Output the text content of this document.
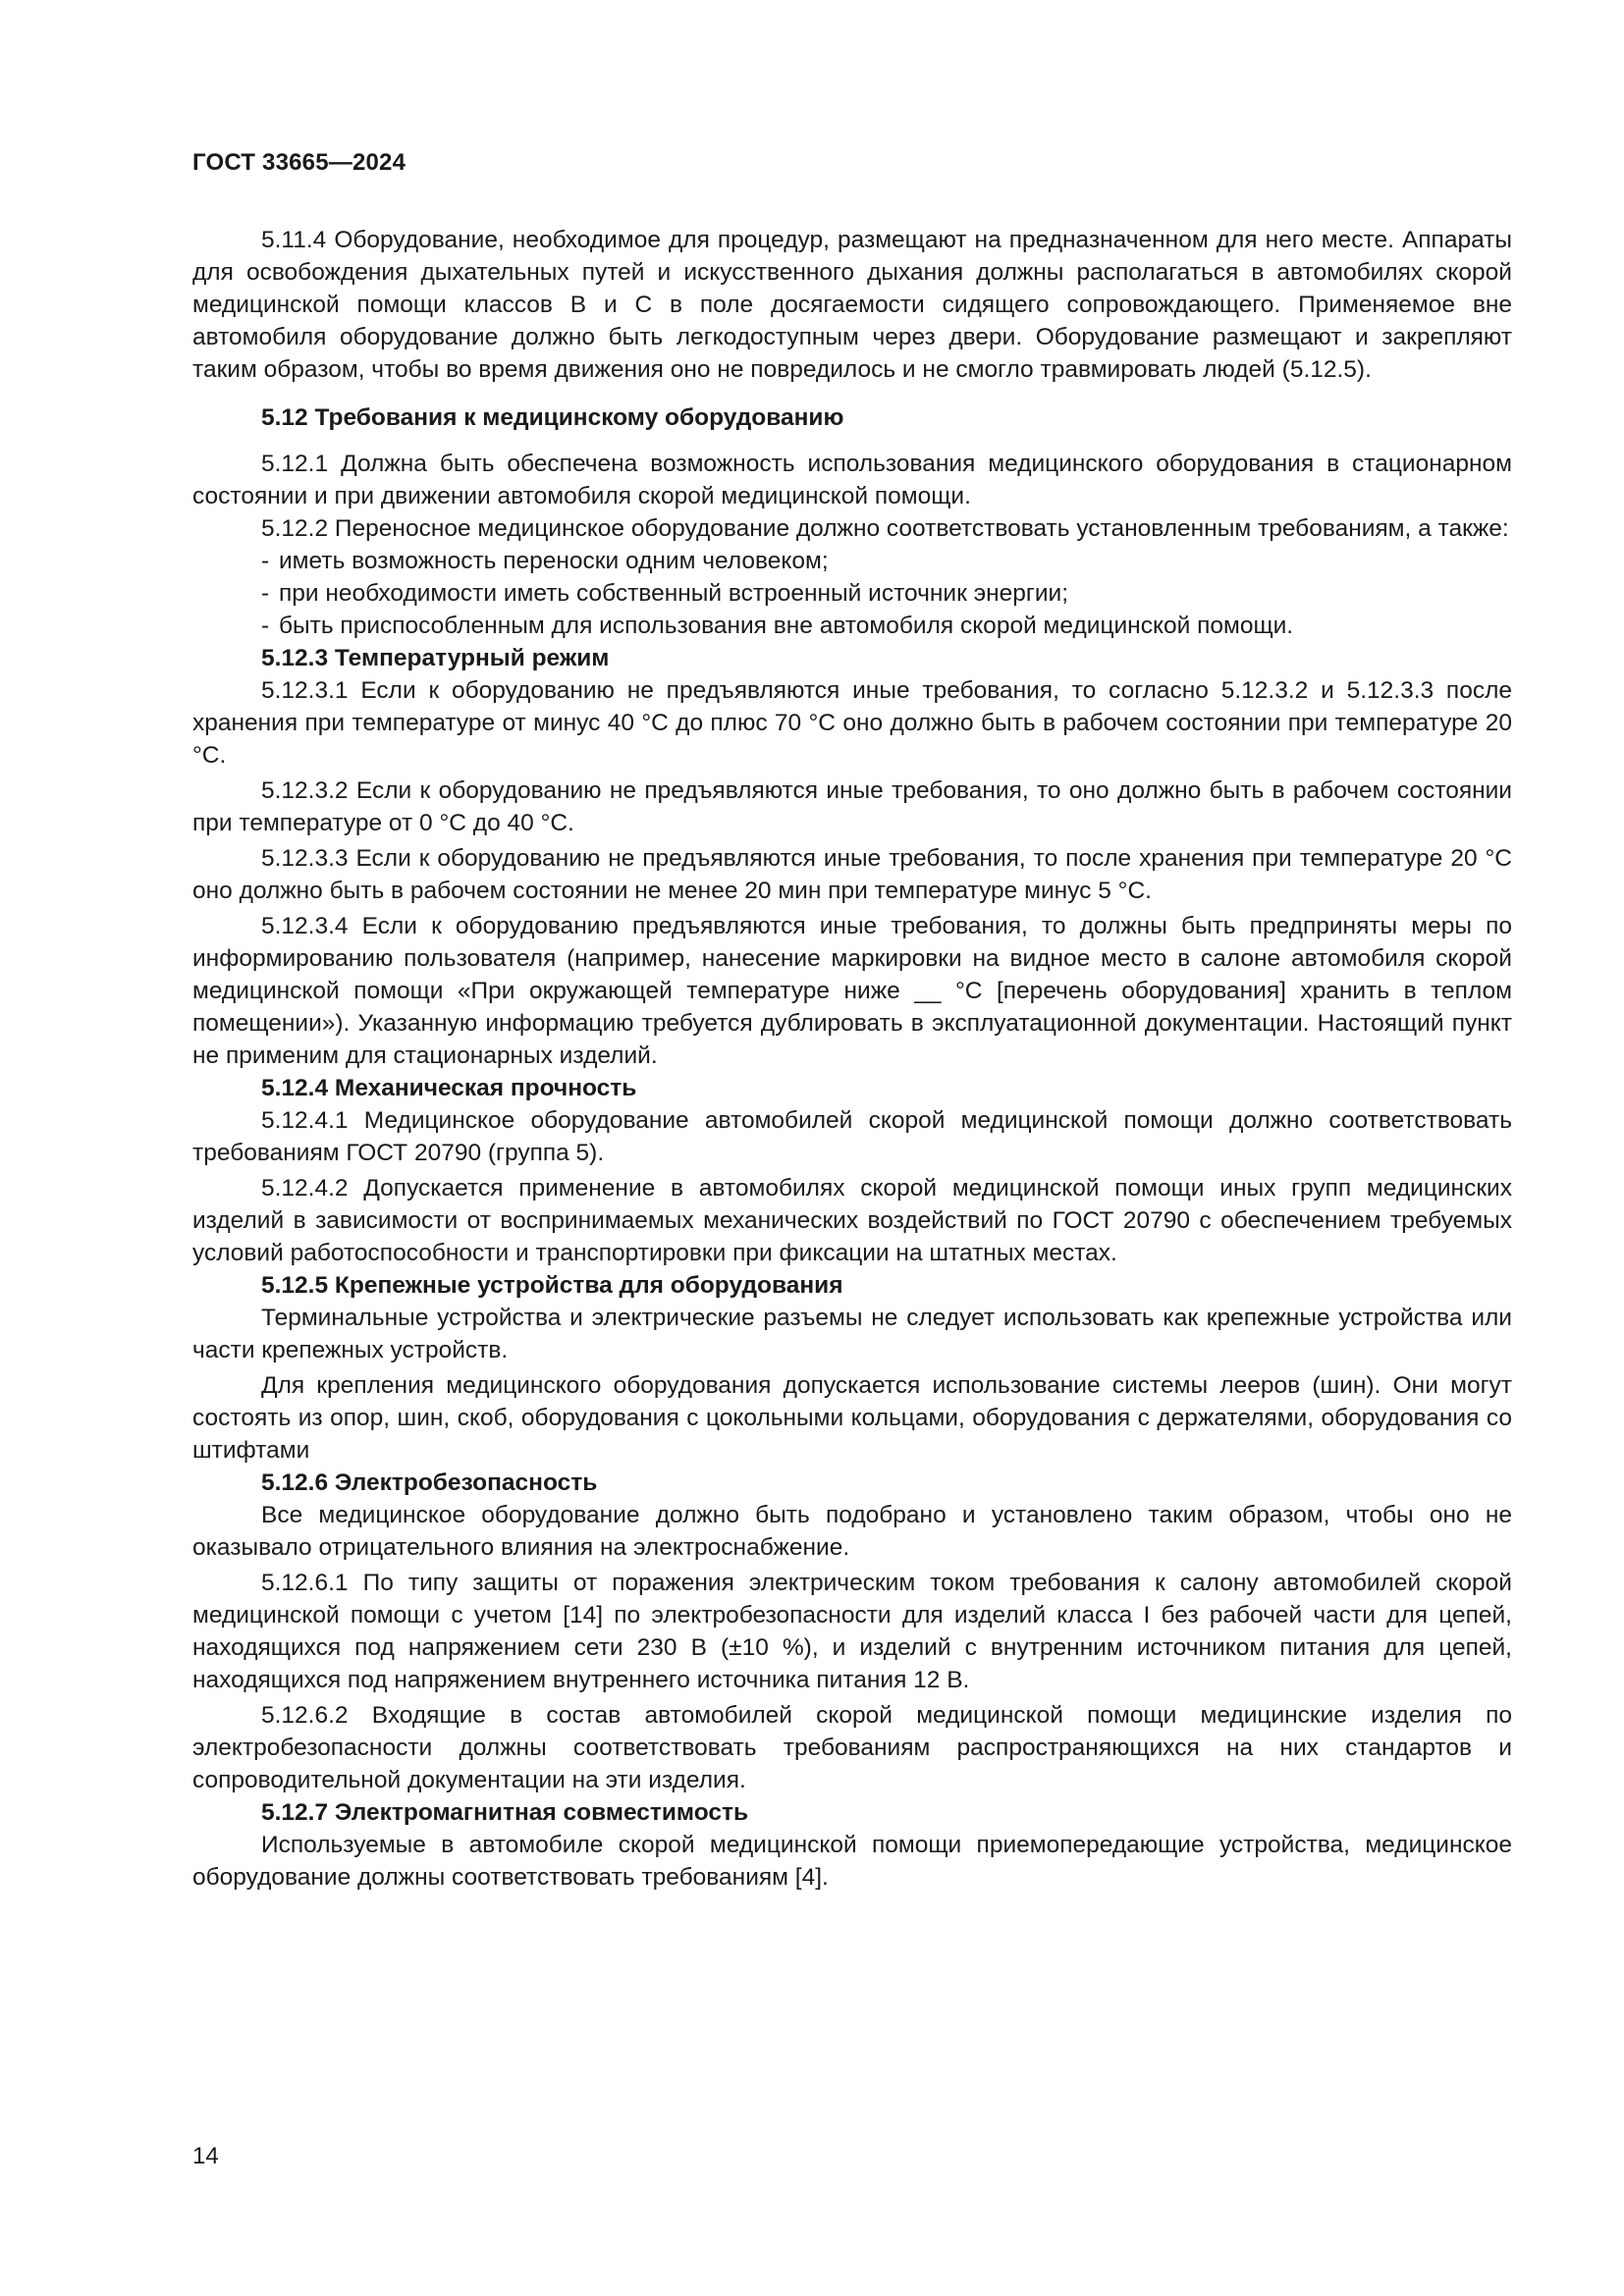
ГОСТ 33665—2024

5.11.4 Оборудование, необходимое для процедур, размещают на предназначенном для него месте. Аппараты для освобождения дыхательных путей и искусственного дыхания должны располагаться в автомобилях скорой медицинской помощи классов В и С в поле досягаемости сидящего сопровождающего. Применяемое вне автомобиля оборудование должно быть легкодоступным через двери. Оборудование размещают и закрепляют таким образом, чтобы во время движения оно не повредилось и не смогло травмировать людей (5.12.5).

5.12 Требования к медицинскому оборудованию

5.12.1 Должна быть обеспечена возможность использования медицинского оборудования в стационарном состоянии и при движении автомобиля скорой медицинской помощи.

5.12.2 Переносное медицинское оборудование должно соответствовать установленным требованиям, а также:

- иметь возможность переноски одним человеком;
- при необходимости иметь собственный встроенный источник энергии;
- быть приспособленным для использования вне автомобиля скорой медицинской помощи.

5.12.3 Температурный режим

5.12.3.1 Если к оборудованию не предъявляются иные требования, то согласно 5.12.3.2 и 5.12.3.3 после хранения при температуре от минус 40 °С до плюс 70 °С оно должно быть в рабочем состоянии при температуре 20 °С.

5.12.3.2 Если к оборудованию не предъявляются иные требования, то оно должно быть в рабочем состоянии при температуре от 0 °С до 40 °С.

5.12.3.3 Если к оборудованию не предъявляются иные требования, то после хранения при температуре 20 °С оно должно быть в рабочем состоянии не менее 20 мин при температуре минус 5 °С.

5.12.3.4 Если к оборудованию предъявляются иные требования, то должны быть предприняты меры по информированию пользователя (например, нанесение маркировки на видное место в салоне автомобиля скорой медицинской помощи «При окружающей температуре ниже __ °С [перечень оборудования] хранить в теплом помещении»). Указанную информацию требуется дублировать в эксплуатационной документации. Настоящий пункт не применим для стационарных изделий.

5.12.4 Механическая прочность

5.12.4.1 Медицинское оборудование автомобилей скорой медицинской помощи должно соответствовать требованиям ГОСТ 20790 (группа 5).

5.12.4.2 Допускается применение в автомобилях скорой медицинской помощи иных групп медицинских изделий в зависимости от воспринимаемых механических воздействий по ГОСТ 20790 с обеспечением требуемых условий работоспособности и транспортировки при фиксации на штатных местах.

5.12.5 Крепежные устройства для оборудования

Терминальные устройства и электрические разъемы не следует использовать как крепежные устройства или части крепежных устройств.

Для крепления медицинского оборудования допускается использование системы лееров (шин). Они могут состоять из опор, шин, скоб, оборудования с цокольными кольцами, оборудования с держателями, оборудования со штифтами

5.12.6 Электробезопасность

Все медицинское оборудование должно быть подобрано и установлено таким образом, чтобы оно не оказывало отрицательного влияния на электроснабжение.

5.12.6.1 По типу защиты от поражения электрическим током требования к салону автомобилей скорой медицинской помощи с учетом [14] по электробезопасности для изделий класса I без рабочей части для цепей, находящихся под напряжением сети 230 В (±10 %), и изделий с внутренним источником питания для цепей, находящихся под напряжением внутреннего источника питания 12 В.

5.12.6.2 Входящие в состав автомобилей скорой медицинской помощи медицинские изделия по электробезопасности должны соответствовать требованиям распространяющихся на них стандартов и сопроводительной документации на эти изделия.

5.12.7 Электромагнитная совместимость

Используемые в автомобиле скорой медицинской помощи приемопередающие устройства, медицинское оборудование должны соответствовать требованиям [4].

14
